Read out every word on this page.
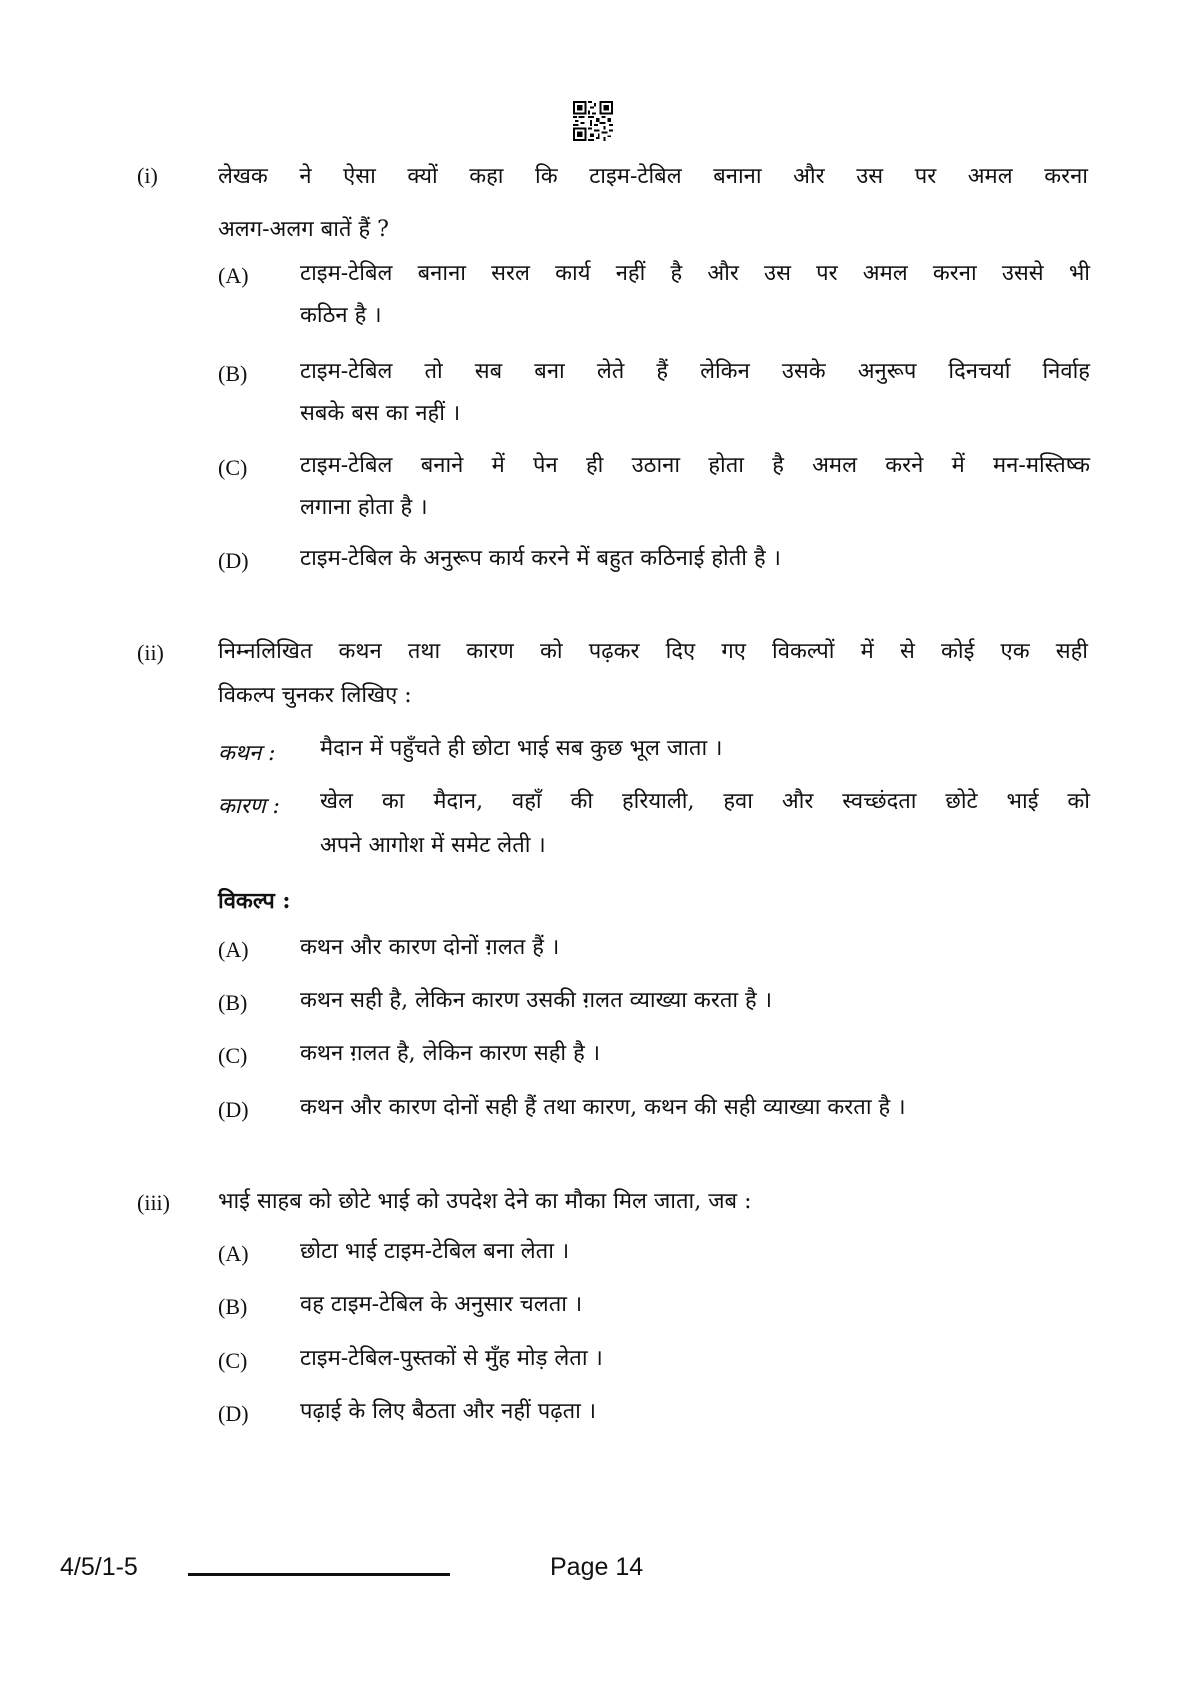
(i)	लेखक ने ऐसा क्यों कहा कि टाइम-टेबिल बनाना और उस पर अमल करना
अलग-अलग बातें हैं ?
(A) टाइम-टेबिल बनाना सरल कार्य नहीं है और उस पर अमल करना उससे भी
कठिन है ।
(B) टाइम-टेबिल तो सब बना लेते हैं लेकिन उसके अनुरूप दिनचर्या निर्वाह
सबके बस का नहीं ।
(C) टाइम-टेबिल बनाने में पेन ही उठाना होता है अमल करने में मन-मस्तिष्क
लगाना होता है ।
(D) टाइम-टेबिल के अनुरूप कार्य करने में बहुत कठिनाई होती है ।
(ii) निम्नलिखित कथन तथा कारण को पढ़कर दिए गए विकल्पों में से कोई एक सही
विकल्प चुनकर लिखिए :
कथन : मैदान में पहुँचते ही छोटा भाई सब कुछ भूल जाता ।
कारण : खेल का मैदान, वहाँ की हरियाली, हवा और स्वच्छंदता छोटे भाई को
अपने आगोश में समेट लेती ।
विकल्प :
(A) कथन और कारण दोनों ग़लत हैं ।
(B) कथन सही है, लेकिन कारण उसकी ग़लत व्याख्या करता है ।
(C) कथन ग़लत है, लेकिन कारण सही है ।
(D) कथन और कारण दोनों सही हैं तथा कारण, कथन की सही व्याख्या करता है ।
(iii) भाई साहब को छोटे भाई को उपदेश देने का मौका मिल जाता, जब :
(A) छोटा भाई टाइम-टेबिल बना लेता ।
(B) वह टाइम-टेबिल के अनुसार चलता ।
(C) टाइम-टेबिल-पुस्तकों से मुँह मोड़ लेता ।
(D) पढ़ाई के लिए बैठता और नहीं पढ़ता ।
4/5/1-5	Page 14
